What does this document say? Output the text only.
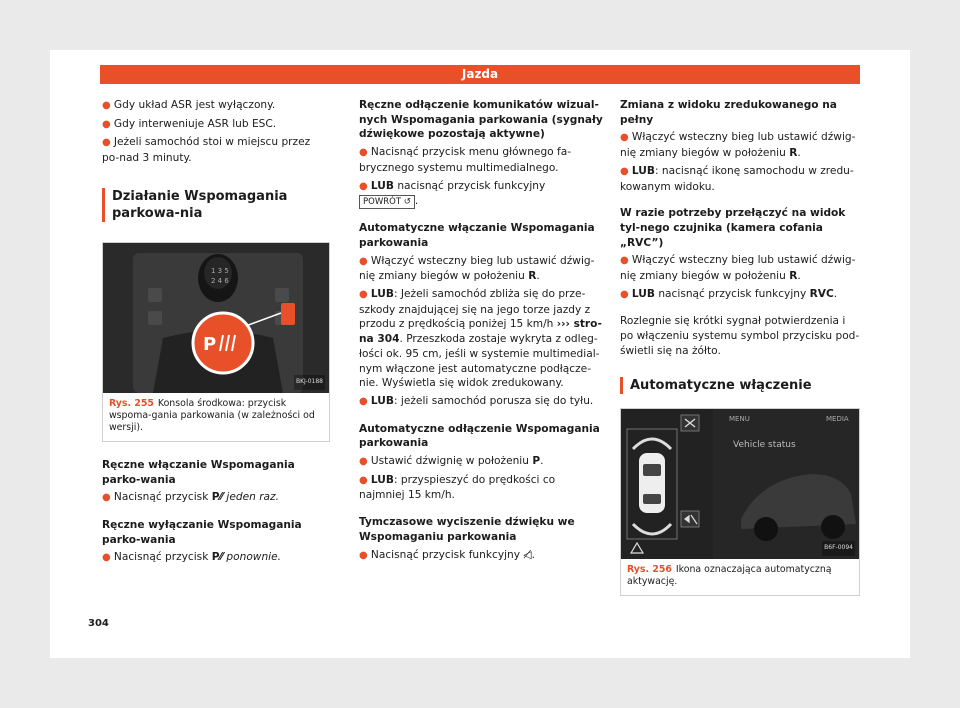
Jazda
● Gdy układ ASR jest wyłączony.
● Gdy interweniuje ASR lub ESC.
● Jeżeli samochód stoi w miejscu przez po-nad 3 minuty.
Działanie Wspomagania parkowa-nia
1 3 5
2 4 6
P
BKJ-0188
Rys. 255 Konsola środkowa: przycisk wspoma-gania parkowania (w zależności od wersji).
Ręczne włączanie Wspomagania parko-wania
● Nacisnąć przycisk P⁄⁄ jeden raz.
Ręczne wyłączanie Wspomagania parko-wania
● Nacisnąć przycisk P⁄⁄ ponownie.
Ręczne odłączenie komunikatów wizual-nych Wspomagania parkowania (sygnały dźwiękowe pozostają aktywne)
● Nacisnąć przycisk menu głównego fa-brycznego systemu multimedialnego.
● LUB nacisnąć przycisk funkcyjny POWRÓT ↺ .
Automatyczne włączanie Wspomagania parkowania
● Włączyć wsteczny bieg lub ustawić dźwig-nię zmiany biegów w położeniu R.
● LUB: Jeżeli samochód zbliża się do prze-szkody znajdującej się na jego torze jazdy z przodu z prędkością poniżej 15 km/h ››› stro-na 304. Przeszkoda zostaje wykryta z odleg-łości ok. 95 cm, jeśli w systemie multimedial-nym włączone jest automatyczne podłącze-nie. Wyświetla się widok zredukowany.
● LUB: jeżeli samochód porusza się do tyłu.
Automatyczne odłączenie Wspomagania parkowania
● Ustawić dźwignię w położeniu P.
● LUB: przyspieszyć do prędkości co najmniej 15 km/h.
Tymczasowe wyciszenie dźwięku we Wspomaganiu parkowania
● Nacisnąć przycisk funkcyjny ◁̸.
Zmiana z widoku zredukowanego na pełny
● Włączyć wsteczny bieg lub ustawić dźwig-nię zmiany biegów w położeniu R.
● LUB: nacisnąć ikonę samochodu w zredu-kowanym widoku.
W razie potrzeby przełączyć na widok tyl-nego czujnika (kamera cofania „RVC”)
● Włączyć wsteczny bieg lub ustawić dźwig-nię zmiany biegów w położeniu R.
● LUB nacisnąć przycisk funkcyjny RVC.
Rozlegnie się krótki sygnał potwierdzenia i po włączeniu systemu symbol przycisku pod-świetli się na żółto.
Automatyczne włączenie
MENU	MEDIA
Vehicle status
B6F-0094
Rys. 256 Ikona oznaczająca automatyczną aktywację.
304
